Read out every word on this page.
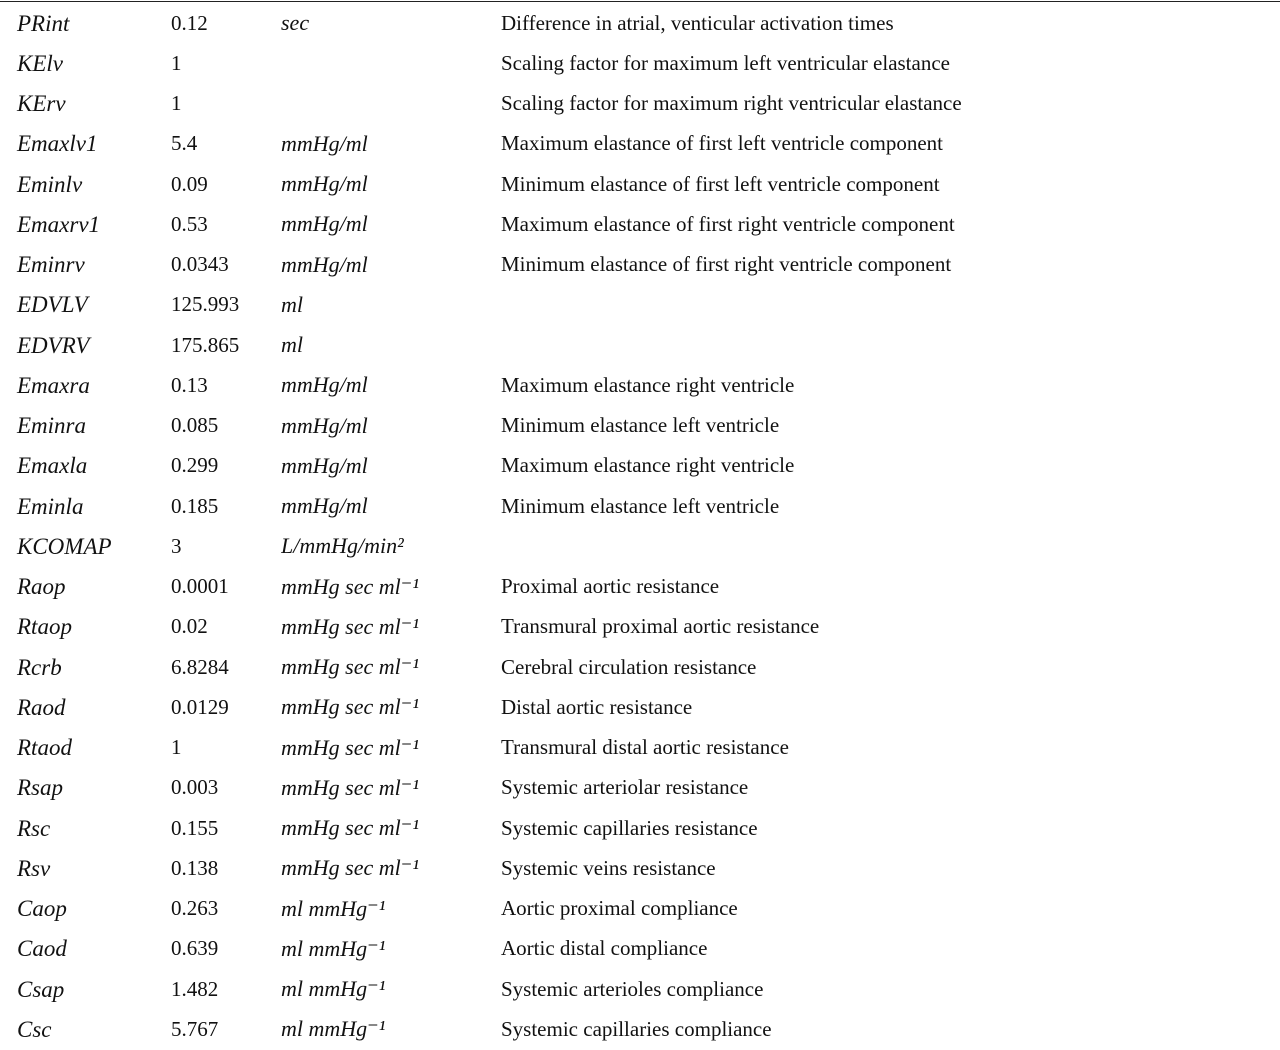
PRint	0.12	sec	Difference in atrial, venticular activation times
KElv	1		Scaling factor for maximum left ventricular elastance
KErv	1		Scaling factor for maximum right ventricular elastance
Emaxlv1	5.4	mmHg/ml	Maximum elastance of first left ventricle component
Eminlv	0.09	mmHg/ml	Minimum elastance of first left ventricle component
Emaxrv1	0.53	mmHg/ml	Maximum elastance of first right ventricle component
Eminrv	0.0343	mmHg/ml	Minimum elastance of first right ventricle component
EDVLV	125.993	ml	
EDVRV	175.865	ml	
Emaxra	0.13	mmHg/ml	Maximum elastance right ventricle
Eminra	0.085	mmHg/ml	Minimum elastance left ventricle
Emaxla	0.299	mmHg/ml	Maximum elastance right ventricle
Eminla	0.185	mmHg/ml	Minimum elastance left ventricle
KCOMAP	3	L/mmHg/min²	
Raop	0.0001	mmHg sec ml⁻¹	Proximal aortic resistance
Rtaop	0.02	mmHg sec ml⁻¹	Transmural proximal aortic resistance
Rcrb	6.8284	mmHg sec ml⁻¹	Cerebral circulation resistance
Raod	0.0129	mmHg sec ml⁻¹	Distal aortic resistance
Rtaod	1	mmHg sec ml⁻¹	Transmural distal aortic resistance
Rsap	0.003	mmHg sec ml⁻¹	Systemic arteriolar resistance
Rsc	0.155	mmHg sec ml⁻¹	Systemic capillaries resistance
Rsv	0.138	mmHg sec ml⁻¹	Systemic veins resistance
Caop	0.263	ml mmHg⁻¹	Aortic proximal compliance
Caod	0.639	ml mmHg⁻¹	Aortic distal compliance
Csap	1.482	ml mmHg⁻¹	Systemic arterioles compliance
Csc	5.767	ml mmHg⁻¹	Systemic capillaries compliance
